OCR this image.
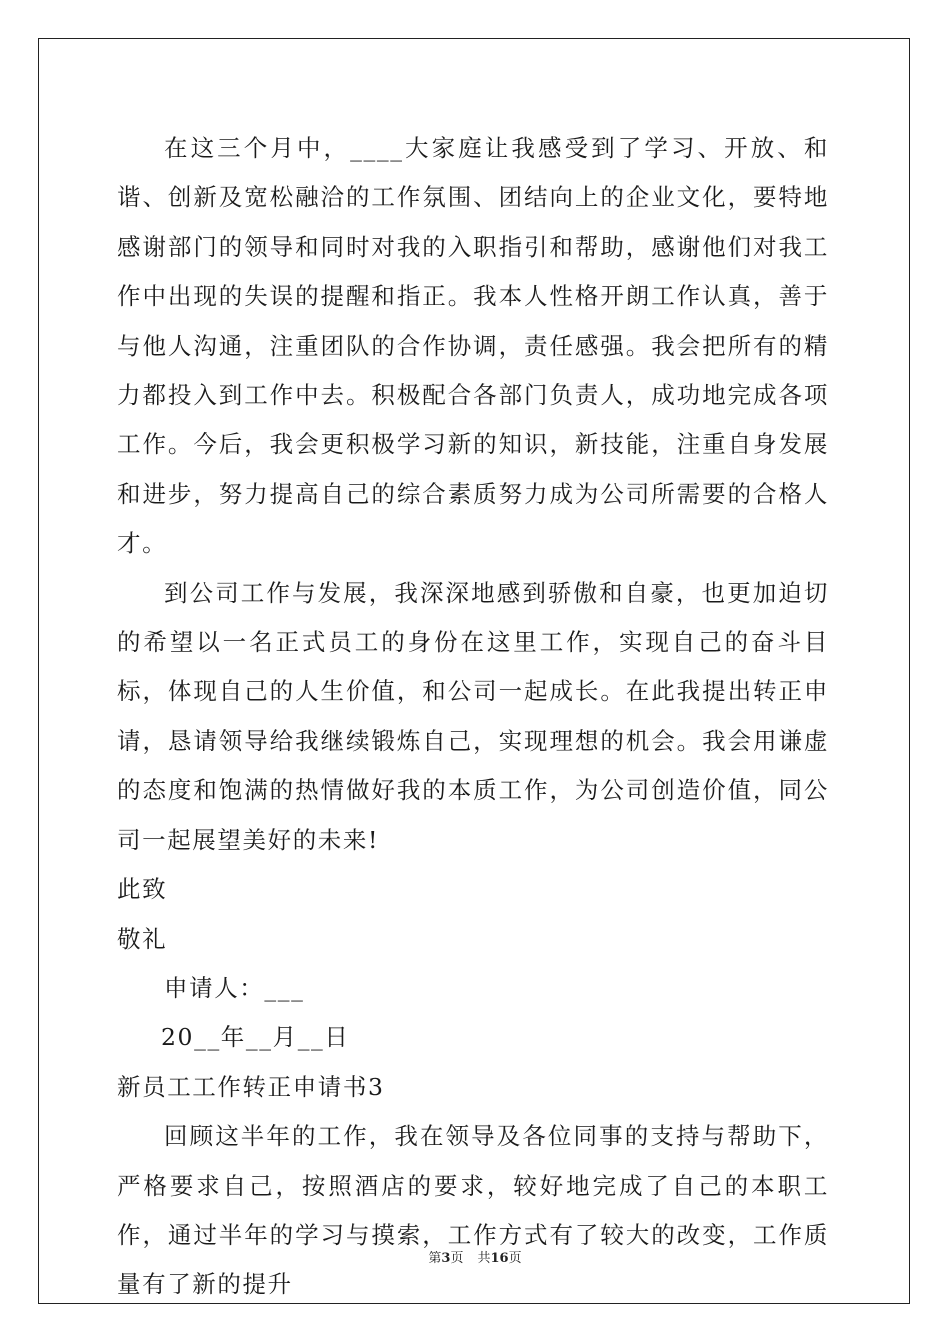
在这三个月中，____大家庭让我感受到了学习、开放、和谐、创新及宽松融洽的工作氛围、团结向上的企业文化，要特地感谢部门的领导和同时对我的入职指引和帮助，感谢他们对我工作中出现的失误的提醒和指正。我本人性格开朗工作认真，善于与他人沟通，注重团队的合作协调，责任感强。我会把所有的精力都投入到工作中去。积极配合各部门负责人，成功地完成各项工作。今后，我会更积极学习新的知识，新技能，注重自身发展和进步，努力提高自己的综合素质努力成为公司所需要的合格人才。

到公司工作与发展，我深深地感到骄傲和自豪，也更加迫切的希望以一名正式员工的身份在这里工作，实现自己的奋斗目标，体现自己的人生价值，和公司一起成长。在此我提出转正申请，恳请领导给我继续锻炼自己，实现理想的机会。我会用谦虚的态度和饱满的热情做好我的本质工作，为公司创造价值，同公司一起展望美好的未来!

此致

敬礼

申请人：___

20__年__月__日

新员工工作转正申请书3

回顾这半年的工作，我在领导及各位同事的支持与帮助下，严格要求自己，按照酒店的要求，较好地完成了自己的本职工作，通过半年的学习与摸索，工作方式有了较大的改变，工作质量有了新的提升

第3页 共16页
